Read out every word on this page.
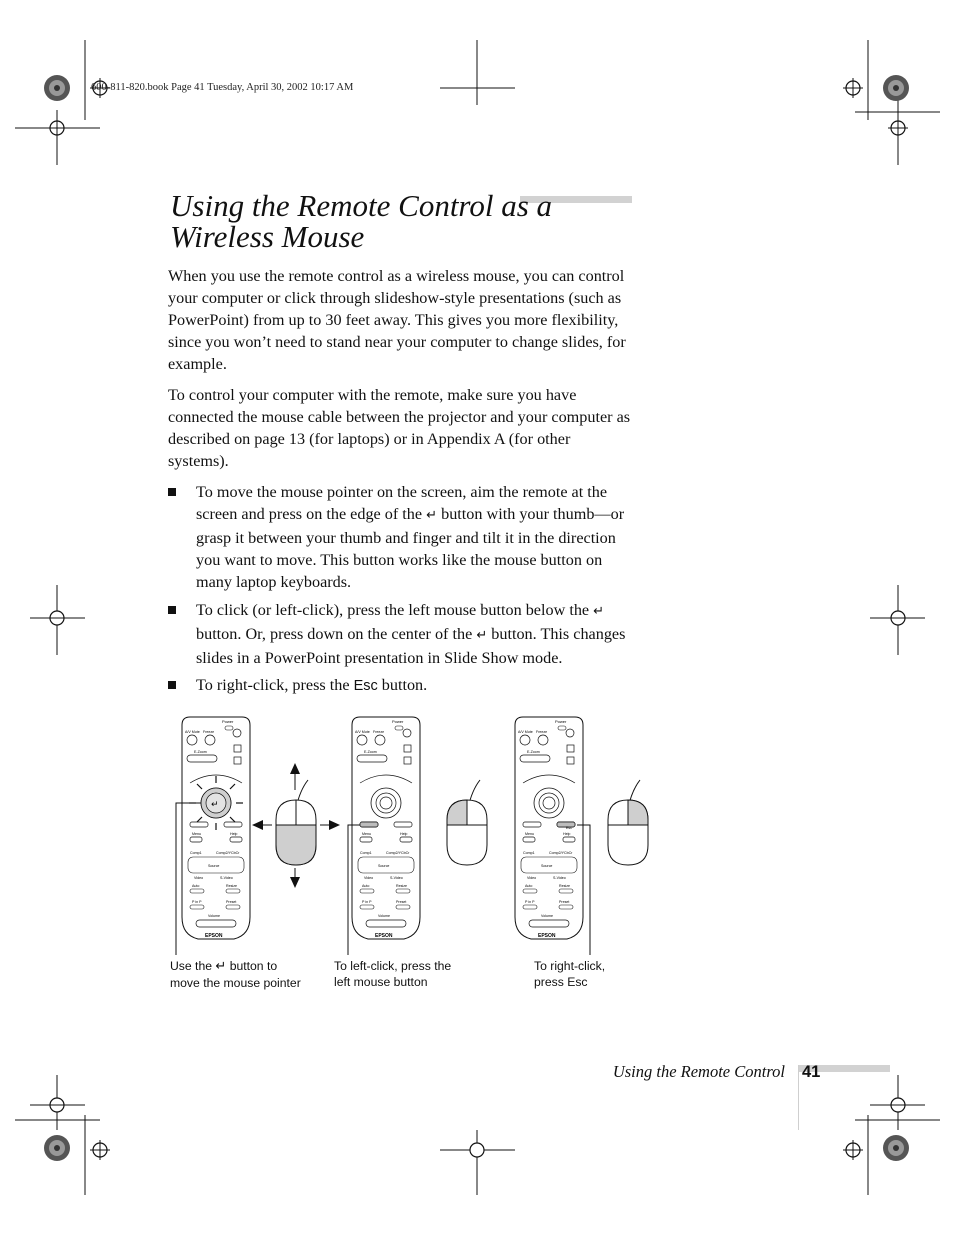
600-811-820.book Page 41 Tuesday, April 30, 2002 10:17 AM
Using the Remote Control as a
Wireless Mouse

When you use the remote control as a wireless mouse, you can control your computer or click through slideshow-style presentations (such as PowerPoint) from up to 30 feet away. This gives you more flexibility, since you won’t need to stand near your computer to change slides, for example.

To control your computer with the remote, make sure you have connected the mouse cable between the projector and your computer as described on page 13 (for laptops) or in Appendix A (for other systems).

To move the mouse pointer on the screen, aim the remote at the screen and press on the edge of the ↵ button with your thumb—or grasp it between your thumb and finger and tilt it in the direction you want to move. This button works like the mouse button on many laptop keyboards.
To click (or left-click), press the left mouse button below the ↵ button. Or, press down on the center of the ↵ button. This changes slides in a PowerPoint presentation in Slide Show mode.
To right-click, press the Esc button.
Power
A/V Mute Freeze
E-Zoom
Menu	Help
Comp1	Comp2/YCbCr
Source
Video	S-Video
Auto	Resize
P in P	Preset
Volume
EPSON
↵
Esc
Use the ↵ button to
move the mouse pointer
To left-click, press the
left mouse button
To right-click,
press Esc
Using the Remote Control 41
